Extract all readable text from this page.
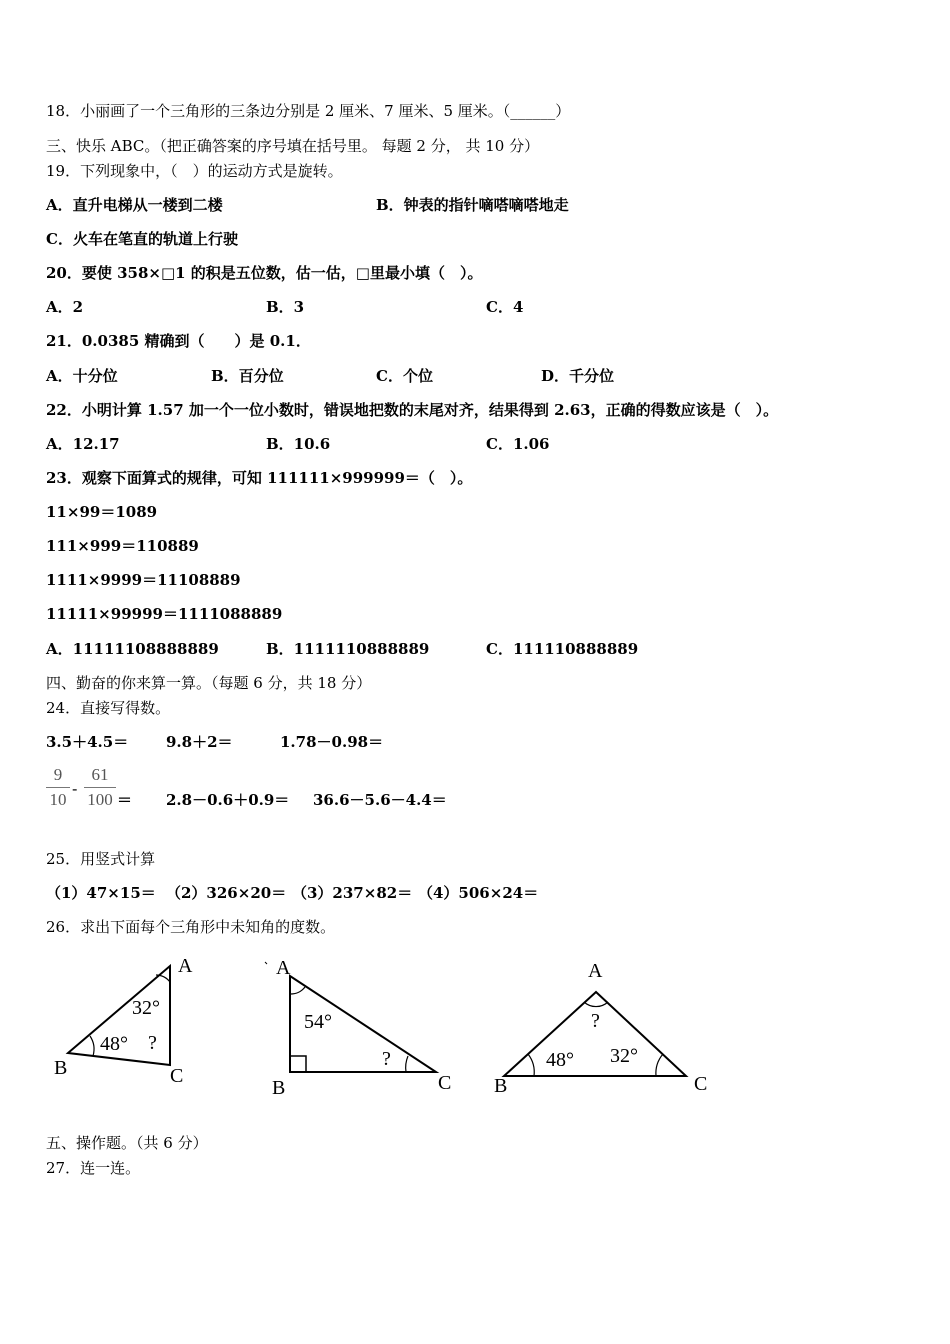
18．小丽画了一个三角形的三条边分别是 2 厘米、7 厘米、5 厘米。（______）
三、快乐 ABC。（把正确答案的序号填在括号里。 每题 2 分， 共 10 分）
19．下列现象中，（　）的运动方式是旋转。
A．直升电梯从一楼到二楼	B．钟表的指针嘀嗒嘀嗒地走
C．火车在笔直的轨道上行驶
20．要使 358×□1 的积是五位数，估一估，□里最小填（　）。
A．2	B．3	C．4
21．0.0385 精确到（　　）是 0.1．
A．十分位	B．百分位	C．个位	D．千分位
22．小明计算 1.57 加一个一位小数时，错误地把数的末尾对齐，结果得到 2.63，正确的得数应该是（　）。
A．12.17	B．10.6	C．1.06
23．观察下面算式的规律，可知 111111×999999＝（　）。
11×99＝1089
111×999＝110889
1111×9999＝11108889
11111×99999＝1111088889
A．11111108888889	B．1111110888889	C．111110888889
四、勤奋的你来算一算。（每题 6 分，共 18 分）
24．直接写得数。
3.5＋4.5＝	9.8＋2＝	1.78－0.98＝
9
10
-
61
100 ＝ 2.8－0.6＋0.9＝ 36.6－5.6－4.4＝
25．用竖式计算
（1）47×15＝ （2）326×20＝ （3）237×82＝ （4）506×24＝
26．求出下面每个三角形中未知角的度数。
A
B	C
32°
48° ?
A
B	C
54°
?
A
B	C
?
48° 32°
五、操作题。（共 6 分）
27．连一连。
